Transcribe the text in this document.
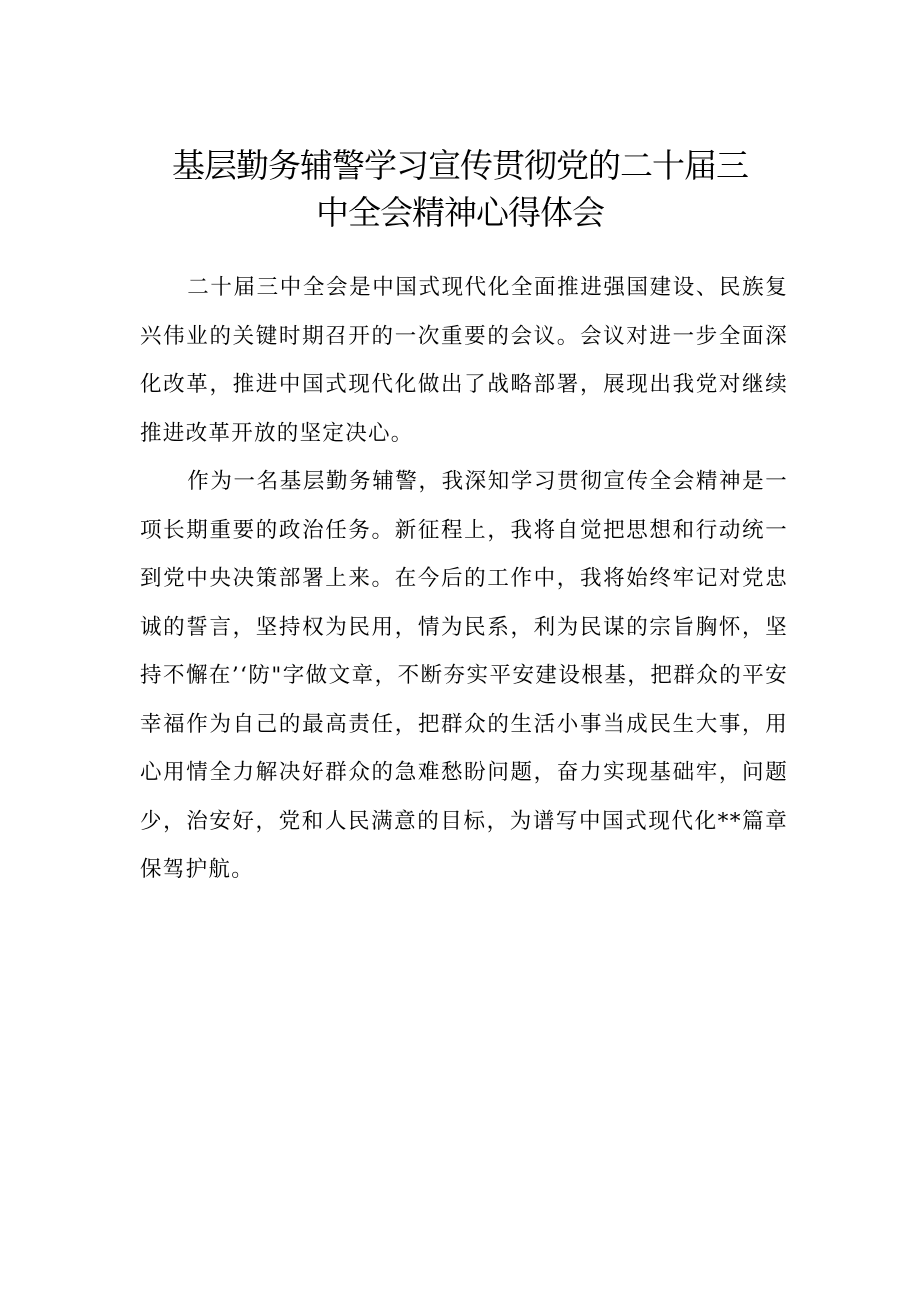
基层勤务辅警学习宣传贯彻党的二十届三
中全会精神心得体会

二十届三中全会是中国式现代化全面推进强国建设、民族复兴伟业的关键时期召开的一次重要的会议。会议对进一步全面深化改革，推进中国式现代化做出了战略部署，展现出我党对继续推进改革开放的坚定决心。

作为一名基层勤务辅警，我深知学习贯彻宣传全会精神是一项长期重要的政治任务。新征程上，我将自觉把思想和行动统一到党中央决策部署上来。在今后的工作中，我将始终牢记对党忠诚的誓言，坚持权为民用，情为民系，利为民谋的宗旨胸怀，坚持不懈在’‘防"字做文章，不断夯实平安建设根基，把群众的平安幸福作为自己的最高责任，把群众的生活小事当成民生大事，用心用情全力解决好群众的急难愁盼问题，奋力实现基础牢，问题少，治安好，党和人民满意的目标，为谱写中国式现代化**篇章保驾护航。
